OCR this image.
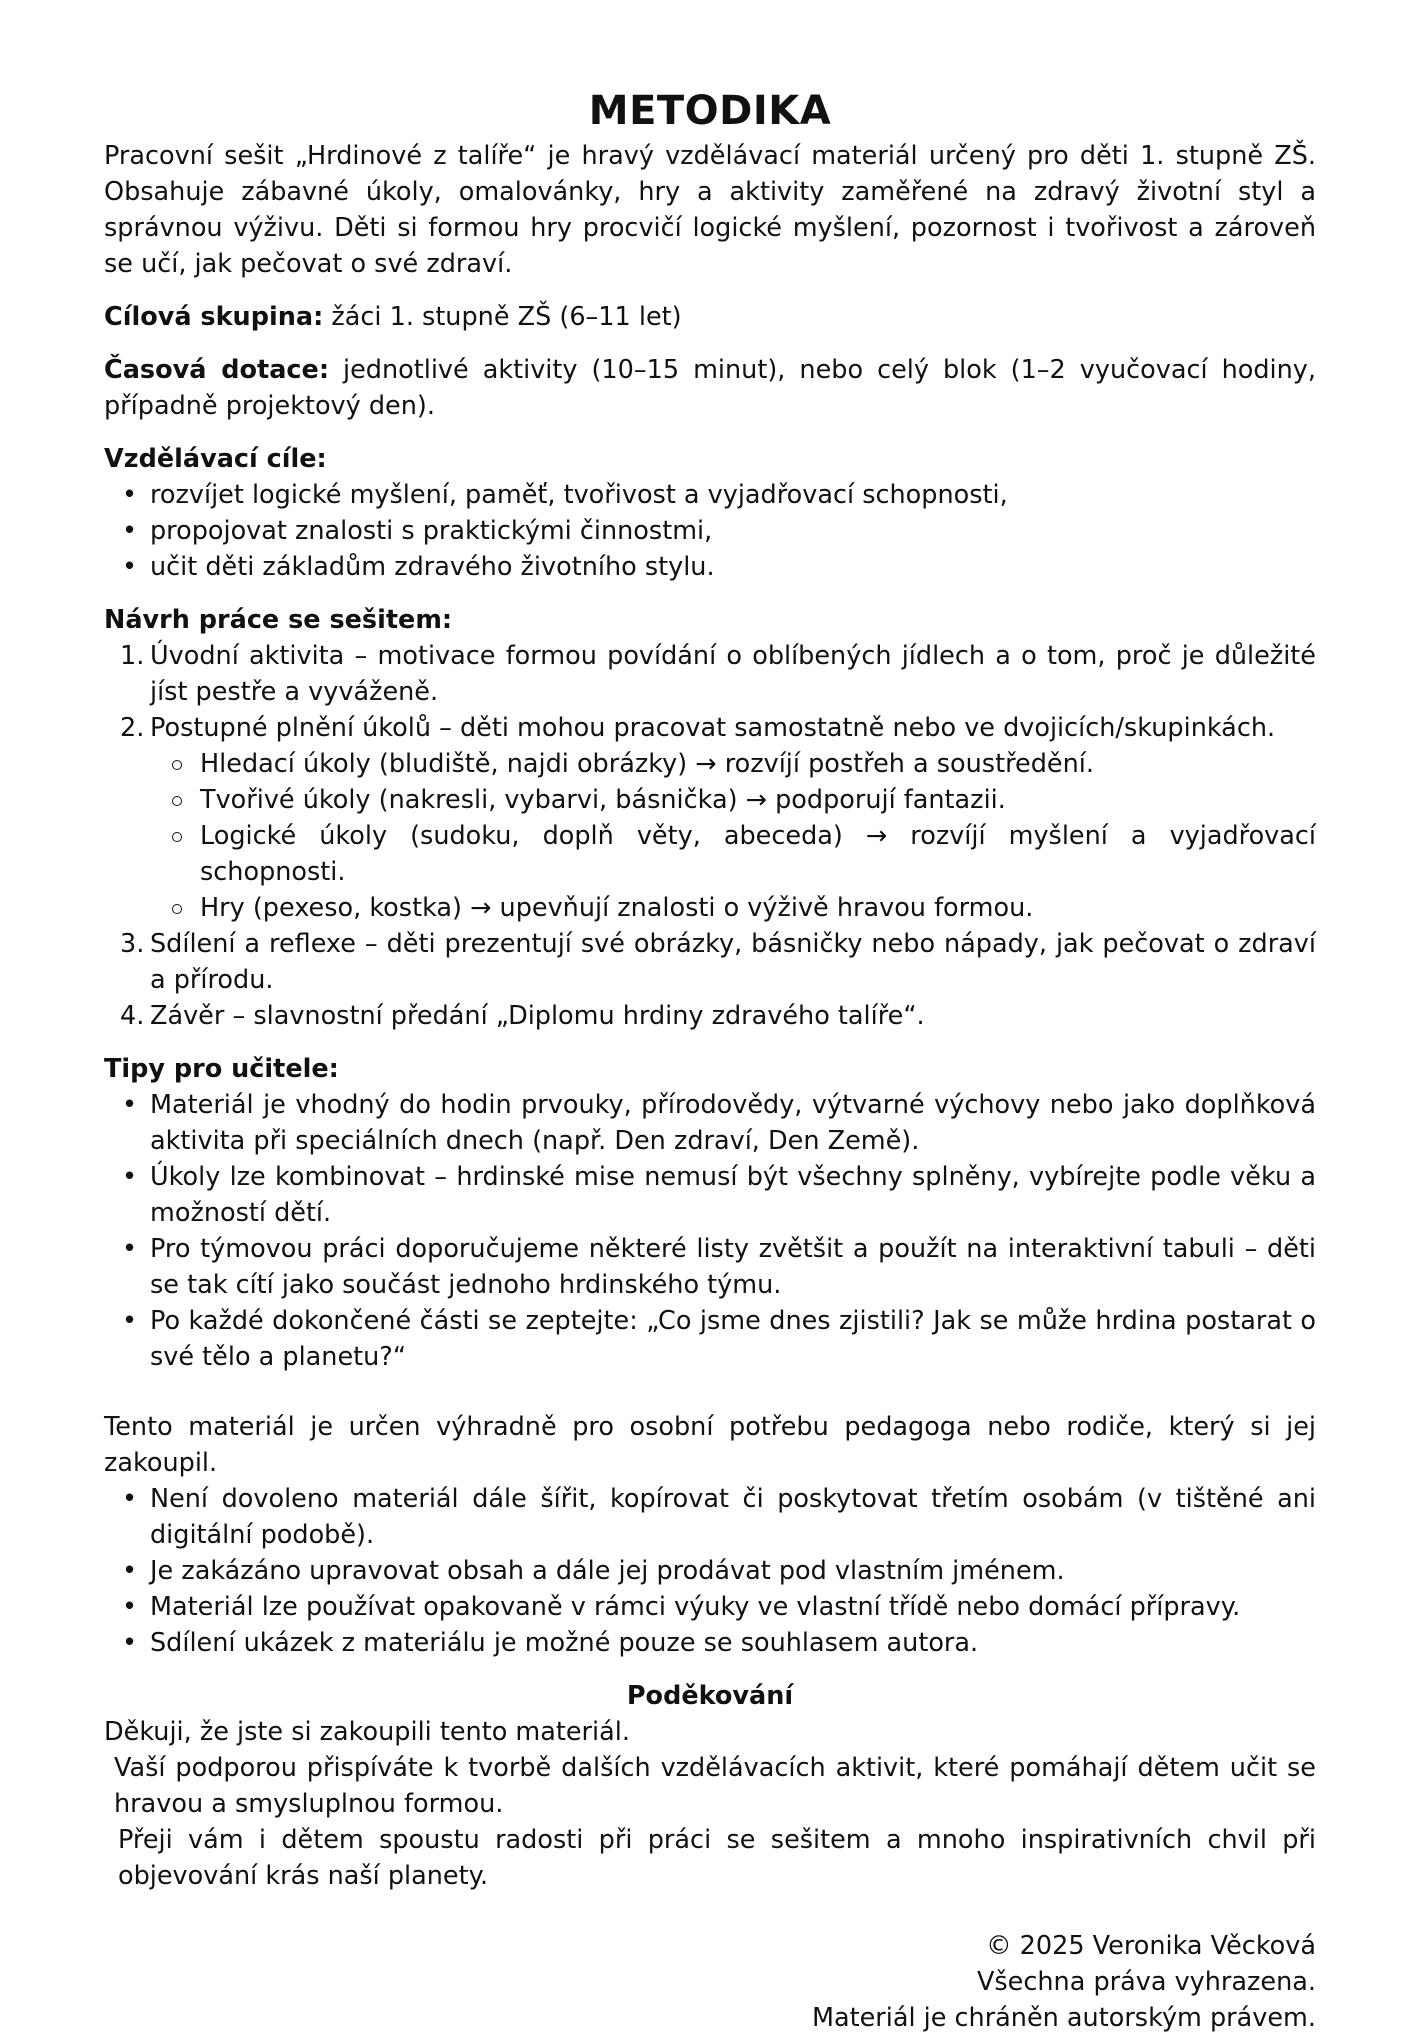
METODIKA

Pracovní sešit „Hrdinové z talíře“ je hravý vzdělávací materiál určený pro děti 1. stupně ZŠ. Obsahuje zábavné úkoly, omalovánky, hry a aktivity zaměřené na zdravý životní styl a správnou výživu. Děti si formou hry procvičí logické myšlení, pozornost i tvořivost a zároveň se učí, jak pečovat o své zdraví.

Cílová skupina: žáci 1. stupně ZŠ (6–11 let)

Časová dotace: jednotlivé aktivity (10–15 minut), nebo celý blok (1–2 vyučovací hodiny, případně projektový den).

Vzdělávací cíle:
• rozvíjet logické myšlení, paměť, tvořivost a vyjadřovací schopnosti,
• propojovat znalosti s praktickými činnostmi,
• učit děti základům zdravého životního stylu.
Návrh práce se sešitem:
1. Úvodní aktivita – motivace formou povídání o oblíbených jídlech a o tom, proč je důležité jíst pestře a vyváženě.
2. Postupné plnění úkolů – děti mohou pracovat samostatně nebo ve dvojicích/skupinkách.
Hledací úkoly (bludiště, najdi obrázky) → rozvíjí postřeh a soustředění.
Tvořivé úkoly (nakresli, vybarvi, básnička) → podporují fantazii.
Logické úkoly (sudoku, doplň věty, abeceda) → rozvíjí myšlení a vyjadřovací schopnosti.
Hry (pexeso, kostka) → upevňují znalosti o výživě hravou formou.
3. Sdílení a reflexe – děti prezentují své obrázky, básničky nebo nápady, jak pečovat o zdraví a přírodu.
4. Závěr – slavnostní předání „Diplomu hrdiny zdravého talíře“.
Tipy pro učitele:
• Materiál je vhodný do hodin prvouky, přírodovědy, výtvarné výchovy nebo jako doplňková aktivita při speciálních dnech (např. Den zdraví, Den Země).
• Úkoly lze kombinovat – hrdinské mise nemusí být všechny splněny, vybírejte podle věku a možností dětí.
• Pro týmovou práci doporučujeme některé listy zvětšit a použít na interaktivní tabuli – děti se tak cítí jako součást jednoho hrdinského týmu.
• Po každé dokončené části se zeptejte: „Co jsme dnes zjistili? Jak se může hrdina postarat o své tělo a planetu?“

Tento materiál je určen výhradně pro osobní potřebu pedagoga nebo rodiče, který si jej zakoupil.

• Není dovoleno materiál dále šířit, kopírovat či poskytovat třetím osobám (v tištěné ani digitální podobě).
• Je zakázáno upravovat obsah a dále jej prodávat pod vlastním jménem.
• Materiál lze používat opakovaně v rámci výuky ve vlastní třídě nebo domácí přípravy.
• Sdílení ukázek z materiálu je možné pouze se souhlasem autora.
Poděkování

Děkuji, že jste si zakoupili tento materiál.

Vaší podporou přispíváte k tvorbě dalších vzdělávacích aktivit, které pomáhají dětem učit se hravou a smysluplnou formou.

Přeji vám i dětem spoustu radosti při práci se sešitem a mnoho inspirativních chvil při objevování krás naší planety.

© 2025 Veronika Věcková
Všechna práva vyhrazena.
Materiál je chráněn autorským právem.
